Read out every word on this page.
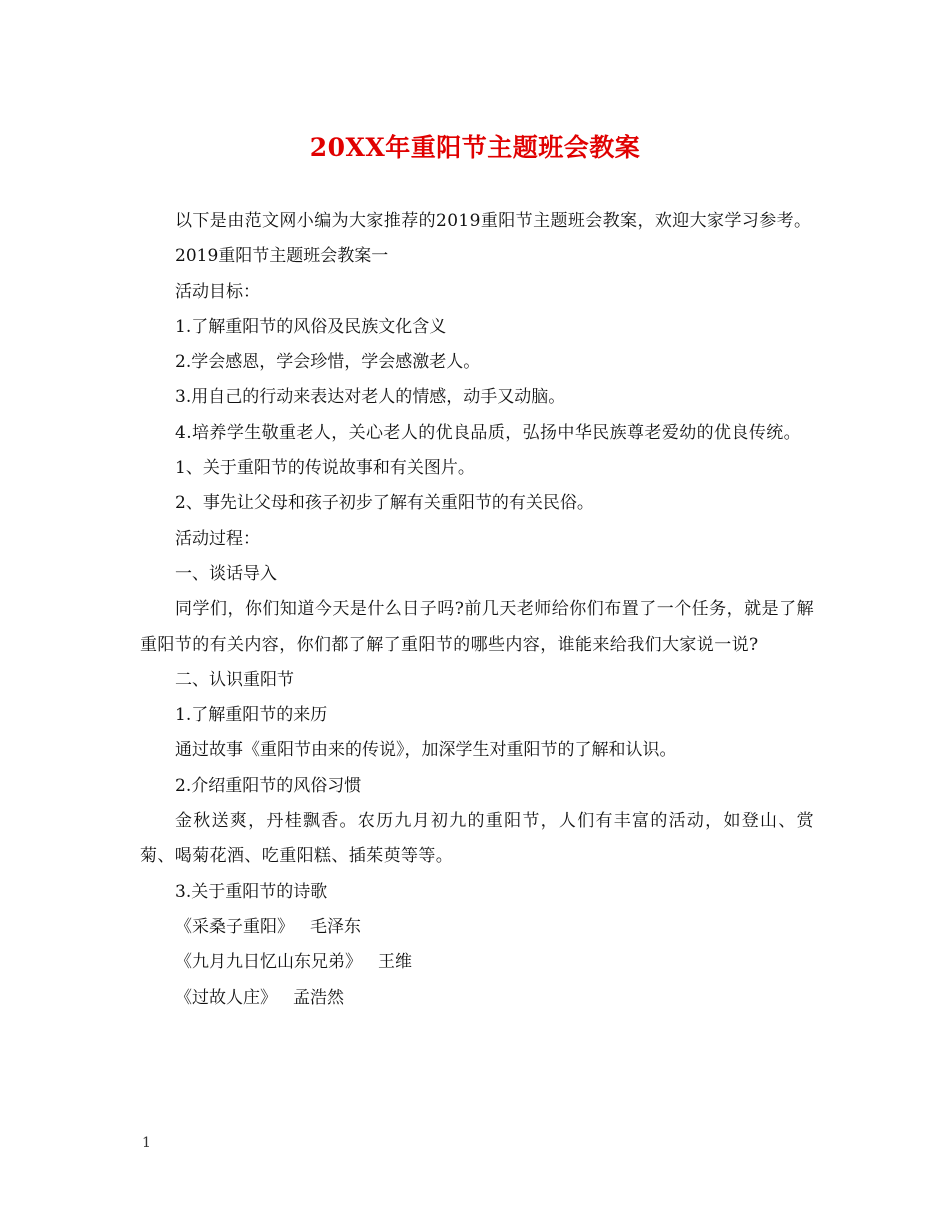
20XX年重阳节主题班会教案

以下是由范文网小编为大家推荐的2019重阳节主题班会教案，欢迎大家学习参考。

2019重阳节主题班会教案一

活动目标：

1.了解重阳节的风俗及民族文化含义

2.学会感恩，学会珍惜，学会感激老人。

3.用自己的行动来表达对老人的情感，动手又动脑。

4.培养学生敬重老人，关心老人的优良品质，弘扬中华民族尊老爱幼的优良传统。

1、关于重阳节的传说故事和有关图片。

2、事先让父母和孩子初步了解有关重阳节的有关民俗。

活动过程：

一、谈话导入

同学们，你们知道今天是什么日子吗?前几天老师给你们布置了一个任务，就是了解重阳节的有关内容，你们都了解了重阳节的哪些内容，谁能来给我们大家说一说?

二、认识重阳节

1.了解重阳节的来历

通过故事《重阳节由来的传说》，加深学生对重阳节的了解和认识。

2.介绍重阳节的风俗习惯

金秋送爽，丹桂飘香。农历九月初九的重阳节，人们有丰富的活动，如登山、赏菊、喝菊花酒、吃重阳糕、插茱萸等等。

3.关于重阳节的诗歌

《采桑子重阳》 毛泽东

《九月九日忆山东兄弟》 王维

《过故人庄》 孟浩然

1
